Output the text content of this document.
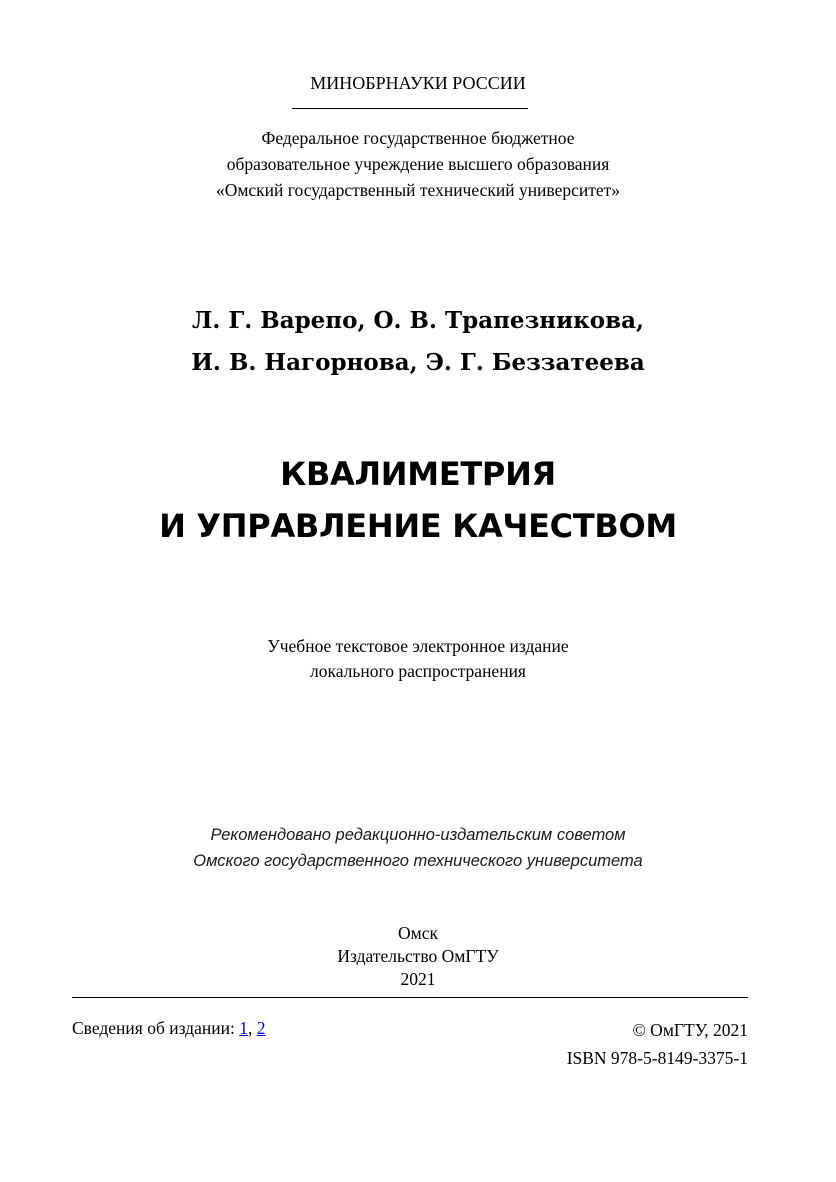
МИНОБРНАУКИ РОССИИ
Федеральное государственное бюджетное
образовательное учреждение высшего образования
«Омский государственный технический университет»
Л. Г. Варепо, О. В. Трапезникова,
И. В. Нагорнова, Э. Г. Беззатеева
КВАЛИМЕТРИЯ
И УПРАВЛЕНИЕ КАЧЕСТВОМ
Учебное текстовое электронное издание
локального распространения
Рекомендовано редакционно-издательским советом
Омского государственного технического университета
Омск
Издательство ОмГТУ
2021
Сведения об издании: 1, 2	© ОмГТУ, 2021
ISBN 978-5-8149-3375-1
